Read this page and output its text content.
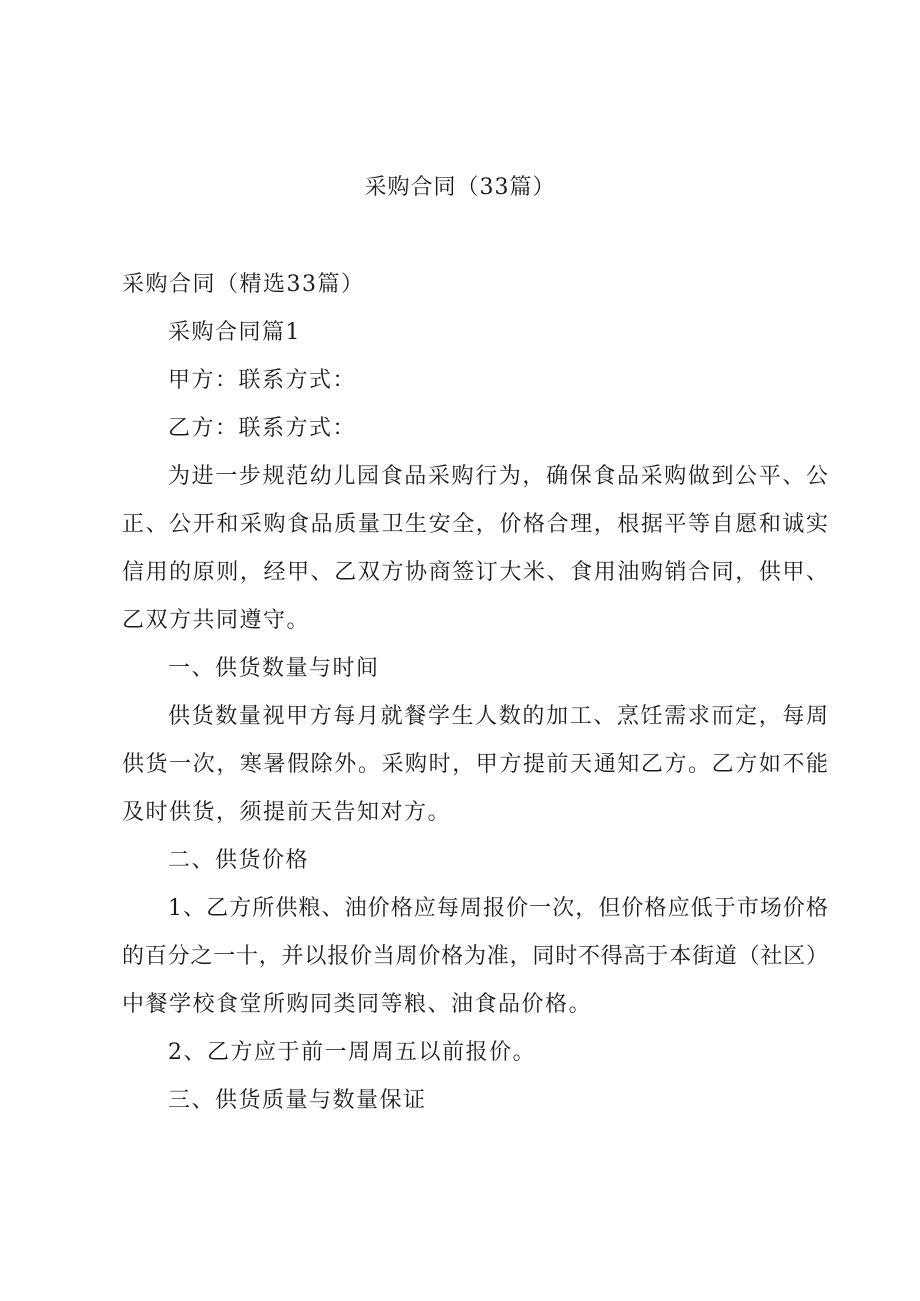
采购合同（33篇）
采购合同（精选33篇）
采购合同篇1
甲方：联系方式：
乙方：联系方式：
为进一步规范幼儿园食品采购行为，确保食品采购做到公平、公
正、公开和采购食品质量卫生安全，价格合理，根据平等自愿和诚实
信用的原则，经甲、乙双方协商签订大米、食用油购销合同，供甲、
乙双方共同遵守。
一、供货数量与时间
供货数量视甲方每月就餐学生人数的加工、烹饪需求而定，每周
供货一次，寒暑假除外。采购时，甲方提前天通知乙方。乙方如不能
及时供货，须提前天告知对方。
二、供货价格
1、乙方所供粮、油价格应每周报价一次，但价格应低于市场价格
的百分之一十，并以报价当周价格为准，同时不得高于本街道（社区）
中餐学校食堂所购同类同等粮、油食品价格。
2、乙方应于前一周周五以前报价。
三、供货质量与数量保证
